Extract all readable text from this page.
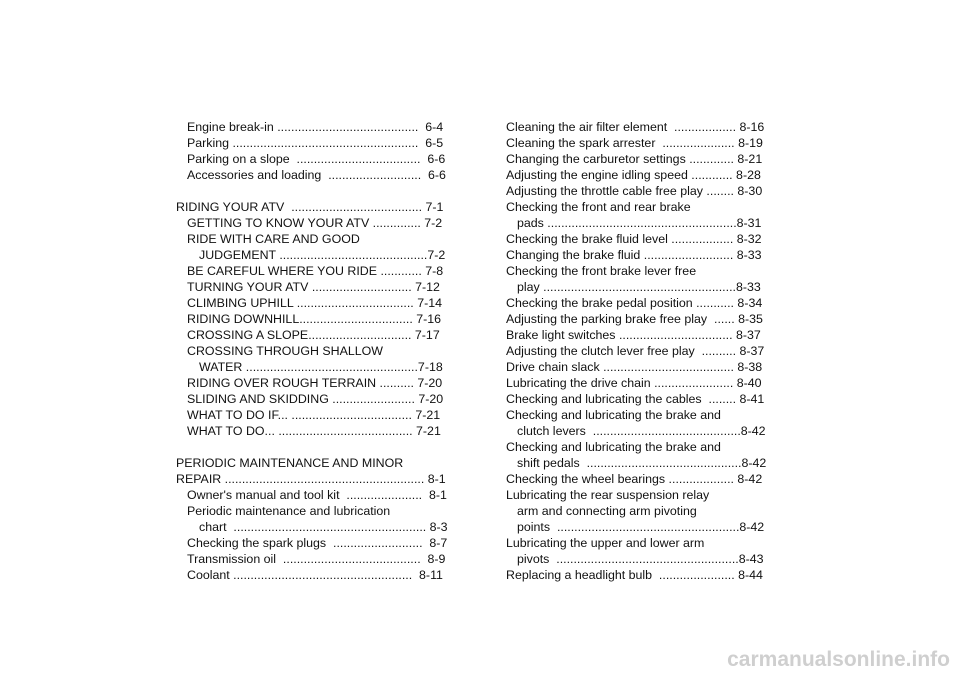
Engine break-in .........................................  6-4
Parking ......................................................  6-5
Parking on a slope  ....................................  6-6
Accessories and loading  ...........................  6-6
RIDING YOUR ATV  ...................................... 7-1
GETTING TO KNOW YOUR ATV .............. 7-2
RIDE WITH CARE AND GOOD
JUDGEMENT ...........................................7-2
BE CAREFUL WHERE YOU RIDE ............ 7-8
TURNING YOUR ATV ............................. 7-12
CLIMBING UPHILL .................................. 7-14
RIDING DOWNHILL................................. 7-16
CROSSING A SLOPE.............................. 7-17
CROSSING THROUGH SHALLOW
WATER ..................................................7-18
RIDING OVER ROUGH TERRAIN .......... 7-20
SLIDING AND SKIDDING ........................ 7-20
WHAT TO DO IF... ................................... 7-21
WHAT TO DO... ....................................... 7-21
PERIODIC MAINTENANCE AND MINOR
REPAIR .......................................................... 8-1
Owner's manual and tool kit  ......................  8-1
Periodic maintenance and lubrication
chart  ........................................................ 8-3
Checking the spark plugs  ..........................  8-7
Transmission oil  ........................................  8-9
Coolant ....................................................  8-11
Cleaning the air filter element  .................. 8-16
Cleaning the spark arrester  ..................... 8-19
Changing the carburetor settings ............. 8-21
Adjusting the engine idling speed ............ 8-28
Adjusting the throttle cable free play ........ 8-30
Checking the front and rear brake
pads .......................................................8-31
Checking the brake fluid level .................. 8-32
Changing the brake fluid .......................... 8-33
Checking the front brake lever free
play ........................................................8-33
Checking the brake pedal position ........... 8-34
Adjusting the parking brake free play  ...... 8-35
Brake light switches ................................. 8-37
Adjusting the clutch lever free play  .......... 8-37
Drive chain slack ...................................... 8-38
Lubricating the drive chain ....................... 8-40
Checking and lubricating the cables  ........ 8-41
Checking and lubricating the brake and
clutch levers  ...........................................8-42
Checking and lubricating the brake and
shift pedals  .............................................8-42
Checking the wheel bearings ................... 8-42
Lubricating the rear suspension relay
arm and connecting arm pivoting
points  .....................................................8-42
Lubricating the upper and lower arm
pivots  .....................................................8-43
Replacing a headlight bulb  ...................... 8-44
carmanualsonline.info
